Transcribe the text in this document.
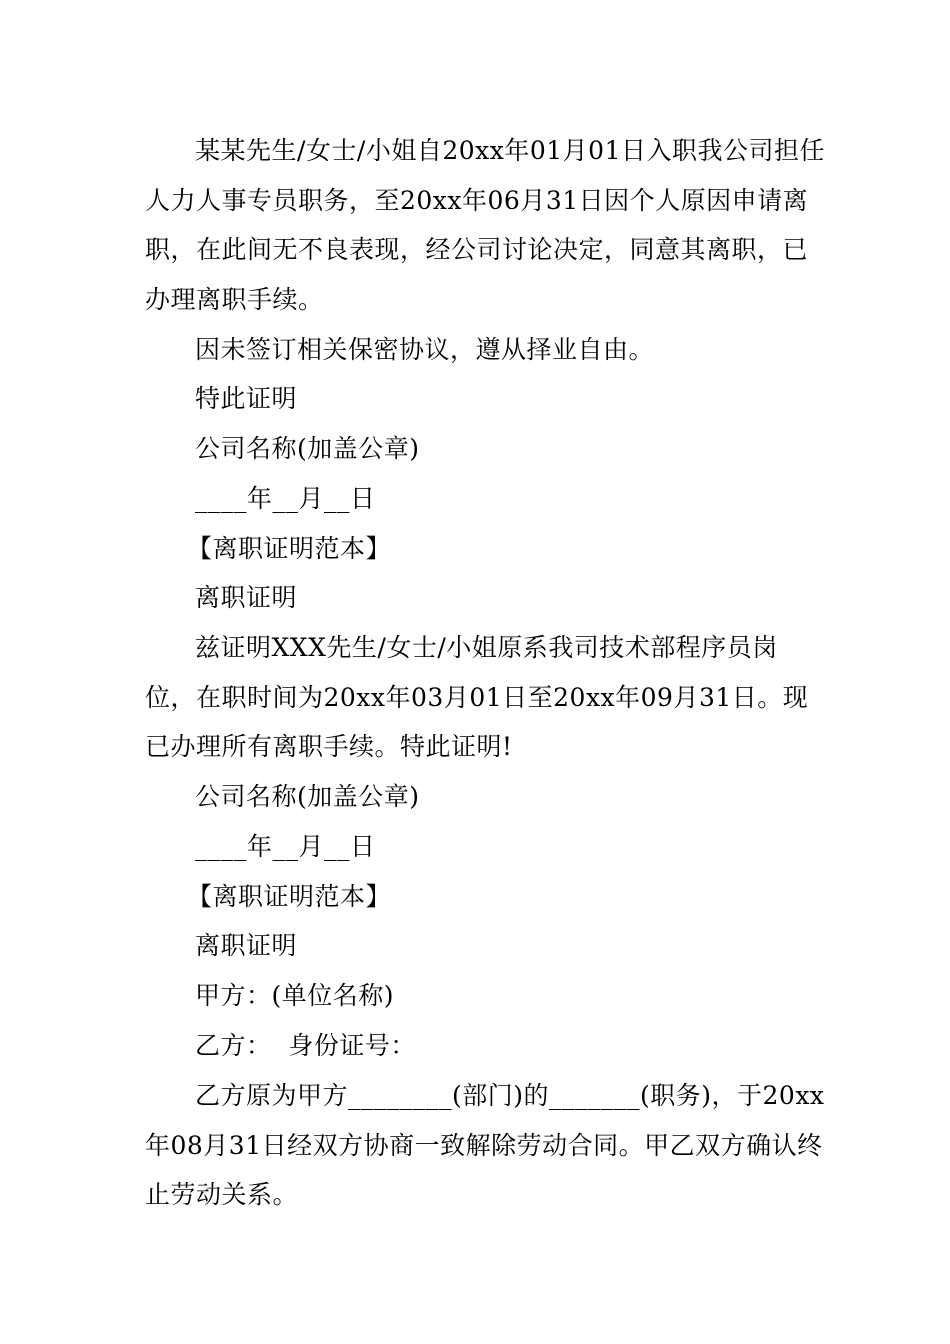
某某先生/女士/小姐自20xx年01月01日入职我公司担任人力人事专员职务，至20xx年06月31日因个人原因申请离职，在此间无不良表现，经公司讨论决定，同意其离职，已办理离职手续。

因未签订相关保密协议，遵从择业自由。

特此证明

公司名称(加盖公章)

____年__月__日

【离职证明范本】

离职证明

兹证明XXX先生/女士/小姐原系我司技术部程序员岗位，在职时间为20xx年03月01日至20xx年09月31日。现已办理所有离职手续。特此证明!

公司名称(加盖公章)

____年__月__日

【离职证明范本】

离职证明

甲方：(单位名称)

乙方：  身份证号：

乙方原为甲方________(部门)的_______(职务)，于20xx年08月31日经双方协商一致解除劳动合同。甲乙双方确认终止劳动关系。
